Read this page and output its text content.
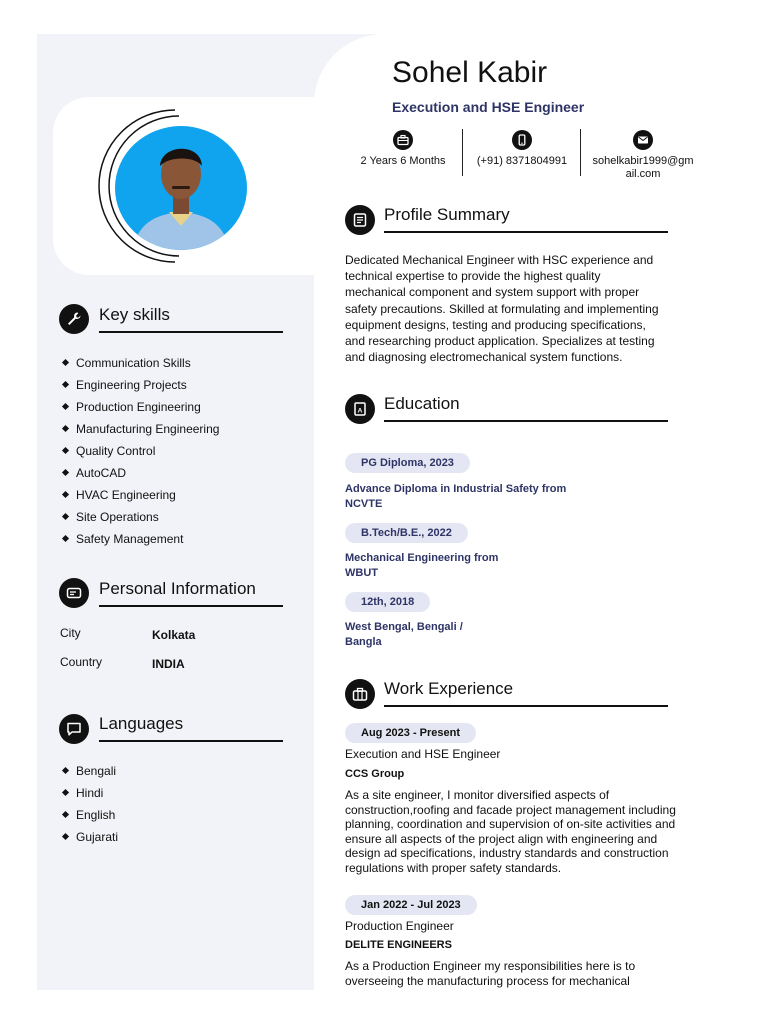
Sohel Kabir
Execution and HSE Engineer
2 Years 6 Months	(+91) 8371804991	sohelkabir1999@gm
ail.com
Key skills
Communication Skills
Engineering Projects
Production Engineering
Manufacturing Engineering
Quality Control
AutoCAD
HVAC Engineering
Site Operations
Safety Management
Personal Information
City	Kolkata
Country	INDIA
Languages
Bengali
Hindi
English
Gujarati
Profile Summary

Dedicated Mechanical Engineer with HSC experience and
technical expertise to provide the highest quality
mechanical component and system support with proper
safety precautions. Skilled at formulating and implementing
equipment designs, testing and producing specifications,
and researching product application. Specializes at testing
and diagnosing electromechanical system functions.

A Education
PG Diploma, 2023
Advance Diploma in Industrial Safety from
NCVTE
B.Tech/B.E., 2022
Mechanical Engineering from
WBUT
12th, 2018
West Bengal, Bengali /
Bangla
Work Experience
Aug 2023 - Present
Execution and HSE Engineer
CCS Group

As a site engineer, I monitor diversified aspects of
construction,roofing and facade project management including
planning, coordination and supervision of on-site activities and
ensure all aspects of the project align with engineering and
design ad specifications, industry standards and construction
regulations with proper safety standards.

Jan 2022 - Jul 2023
Production Engineer
DELITE ENGINEERS

As a Production Engineer my responsibilities here is to
overseeing the manufacturing process for mechanical
